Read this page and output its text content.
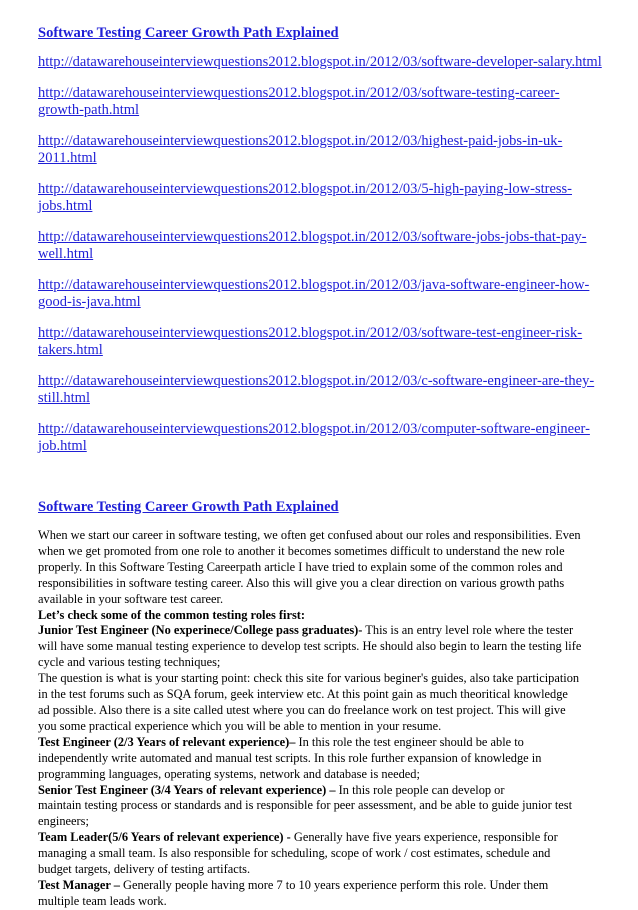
Software Testing Career Growth Path Explained
http://datawarehouseinterviewquestions2012.blogspot.in/2012/03/software-developer-salary.html
http://datawarehouseinterviewquestions2012.blogspot.in/2012/03/software-testing-career-
growth-path.html
http://datawarehouseinterviewquestions2012.blogspot.in/2012/03/highest-paid-jobs-in-uk-
2011.html
http://datawarehouseinterviewquestions2012.blogspot.in/2012/03/5-high-paying-low-stress-
jobs.html
http://datawarehouseinterviewquestions2012.blogspot.in/2012/03/software-jobs-jobs-that-pay-
well.html
http://datawarehouseinterviewquestions2012.blogspot.in/2012/03/java-software-engineer-how-
good-is-java.html
http://datawarehouseinterviewquestions2012.blogspot.in/2012/03/software-test-engineer-risk-
takers.html
http://datawarehouseinterviewquestions2012.blogspot.in/2012/03/c-software-engineer-are-they-
still.html
http://datawarehouseinterviewquestions2012.blogspot.in/2012/03/computer-software-engineer-
job.html
Software Testing Career Growth Path Explained

When we start our career in software testing, we often get confused about our roles and responsibilities. Even

when we get promoted from one role to another it becomes sometimes difficult to understand the new role

properly. In this Software Testing Careerpath article I have tried to explain some of the common roles and

responsibilities in software testing career. Also this will give you a clear direction on various growth paths

available in your software test career.

Let’s check some of the common testing roles first:

Junior Test Engineer (No experinece/College pass graduates)- This is an entry level role where the tester

will have some manual testing experience to develop test scripts. He should also begin to learn the testing life

cycle and various testing techniques;

The question is what is your starting point: check this site for various beginer's guides, also take participation

in the test forums such as SQA forum, geek interview etc. At this point gain as much theoritical knowledge

ad possible. Also there is a site called utest where you can do freelance work on test project. This will give

you some practical experience which you will be able to mention in your resume.

Test Engineer (2/3 Years of relevant experience)– In this role the test engineer should be able to

independently write automated and manual test scripts. In this role further expansion of knowledge in

programming languages, operating systems, network and database is needed;

Senior Test Engineer (3/4 Years of relevant experience) – In this role people can develop or

maintain testing process or standards and is responsible for peer assessment, and be able to guide junior test

engineers;

Team Leader(5/6 Years of relevant experience) - Generally have five years experience, responsible for

managing a small team. Is also responsible for scheduling, scope of work / cost estimates, schedule and

budget targets, delivery of testing artifacts.

Test Manager – Generally people having more 7 to 10 years experience perform this role. Under them

multiple team leads work.
